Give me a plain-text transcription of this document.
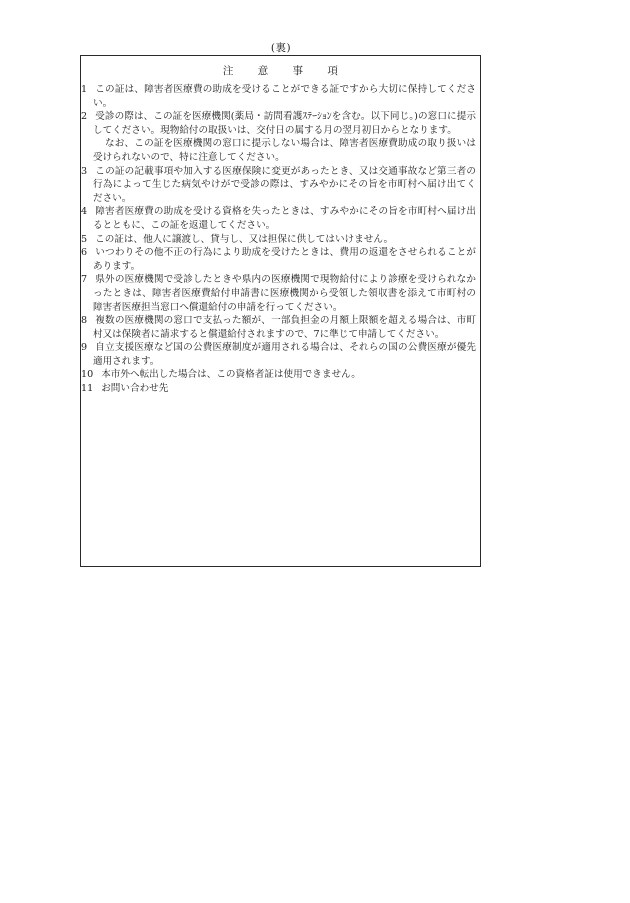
(裏)
注 意 事 項

1 この証は、障害者医療費の助成を受けることができる証ですから大切に保持してください。

2 受診の際は、この証を医療機関(薬局・訪問看護ｽﾃｰｼｮﾝを含む。以下同じ。)の窓口に提示してください。現物給付の取扱いは、交付日の属する月の翌月初日からとなります。

なお、この証を医療機関の窓口に提示しない場合は、障害者医療費助成の取り扱いは受けられないので、特に注意してください。

3 この証の記載事項や加入する医療保険に変更があったとき、又は交通事故など第三者の行為によって生じた病気やけがで受診の際は、すみやかにその旨を市町村へ届け出てください。

4 障害者医療費の助成を受ける資格を失ったときは、すみやかにその旨を市町村へ届け出るとともに、この証を返還してください。

5 この証は、他人に譲渡し、貸与し、又は担保に供してはいけません。

6 いつわりその他不正の行為により助成を受けたときは、費用の返還をさせられることがあります。

7 県外の医療機関で受診したときや県内の医療機関で現物給付により診療を受けられなかったときは、障害者医療費給付申請書に医療機関から受領した領収書を添えて市町村の障害者医療担当窓口へ償還給付の申請を行ってください。

8 複数の医療機関の窓口で支払った額が、一部負担金の月額上限額を超える場合は、市町村又は保険者に請求すると償還給付されますので、7に準じて申請してください。

9 自立支援医療など国の公費医療制度が適用される場合は、それらの国の公費医療が優先適用されます。

10 本市外へ転出した場合は、この資格者証は使用できません。

11 お問い合わせ先
